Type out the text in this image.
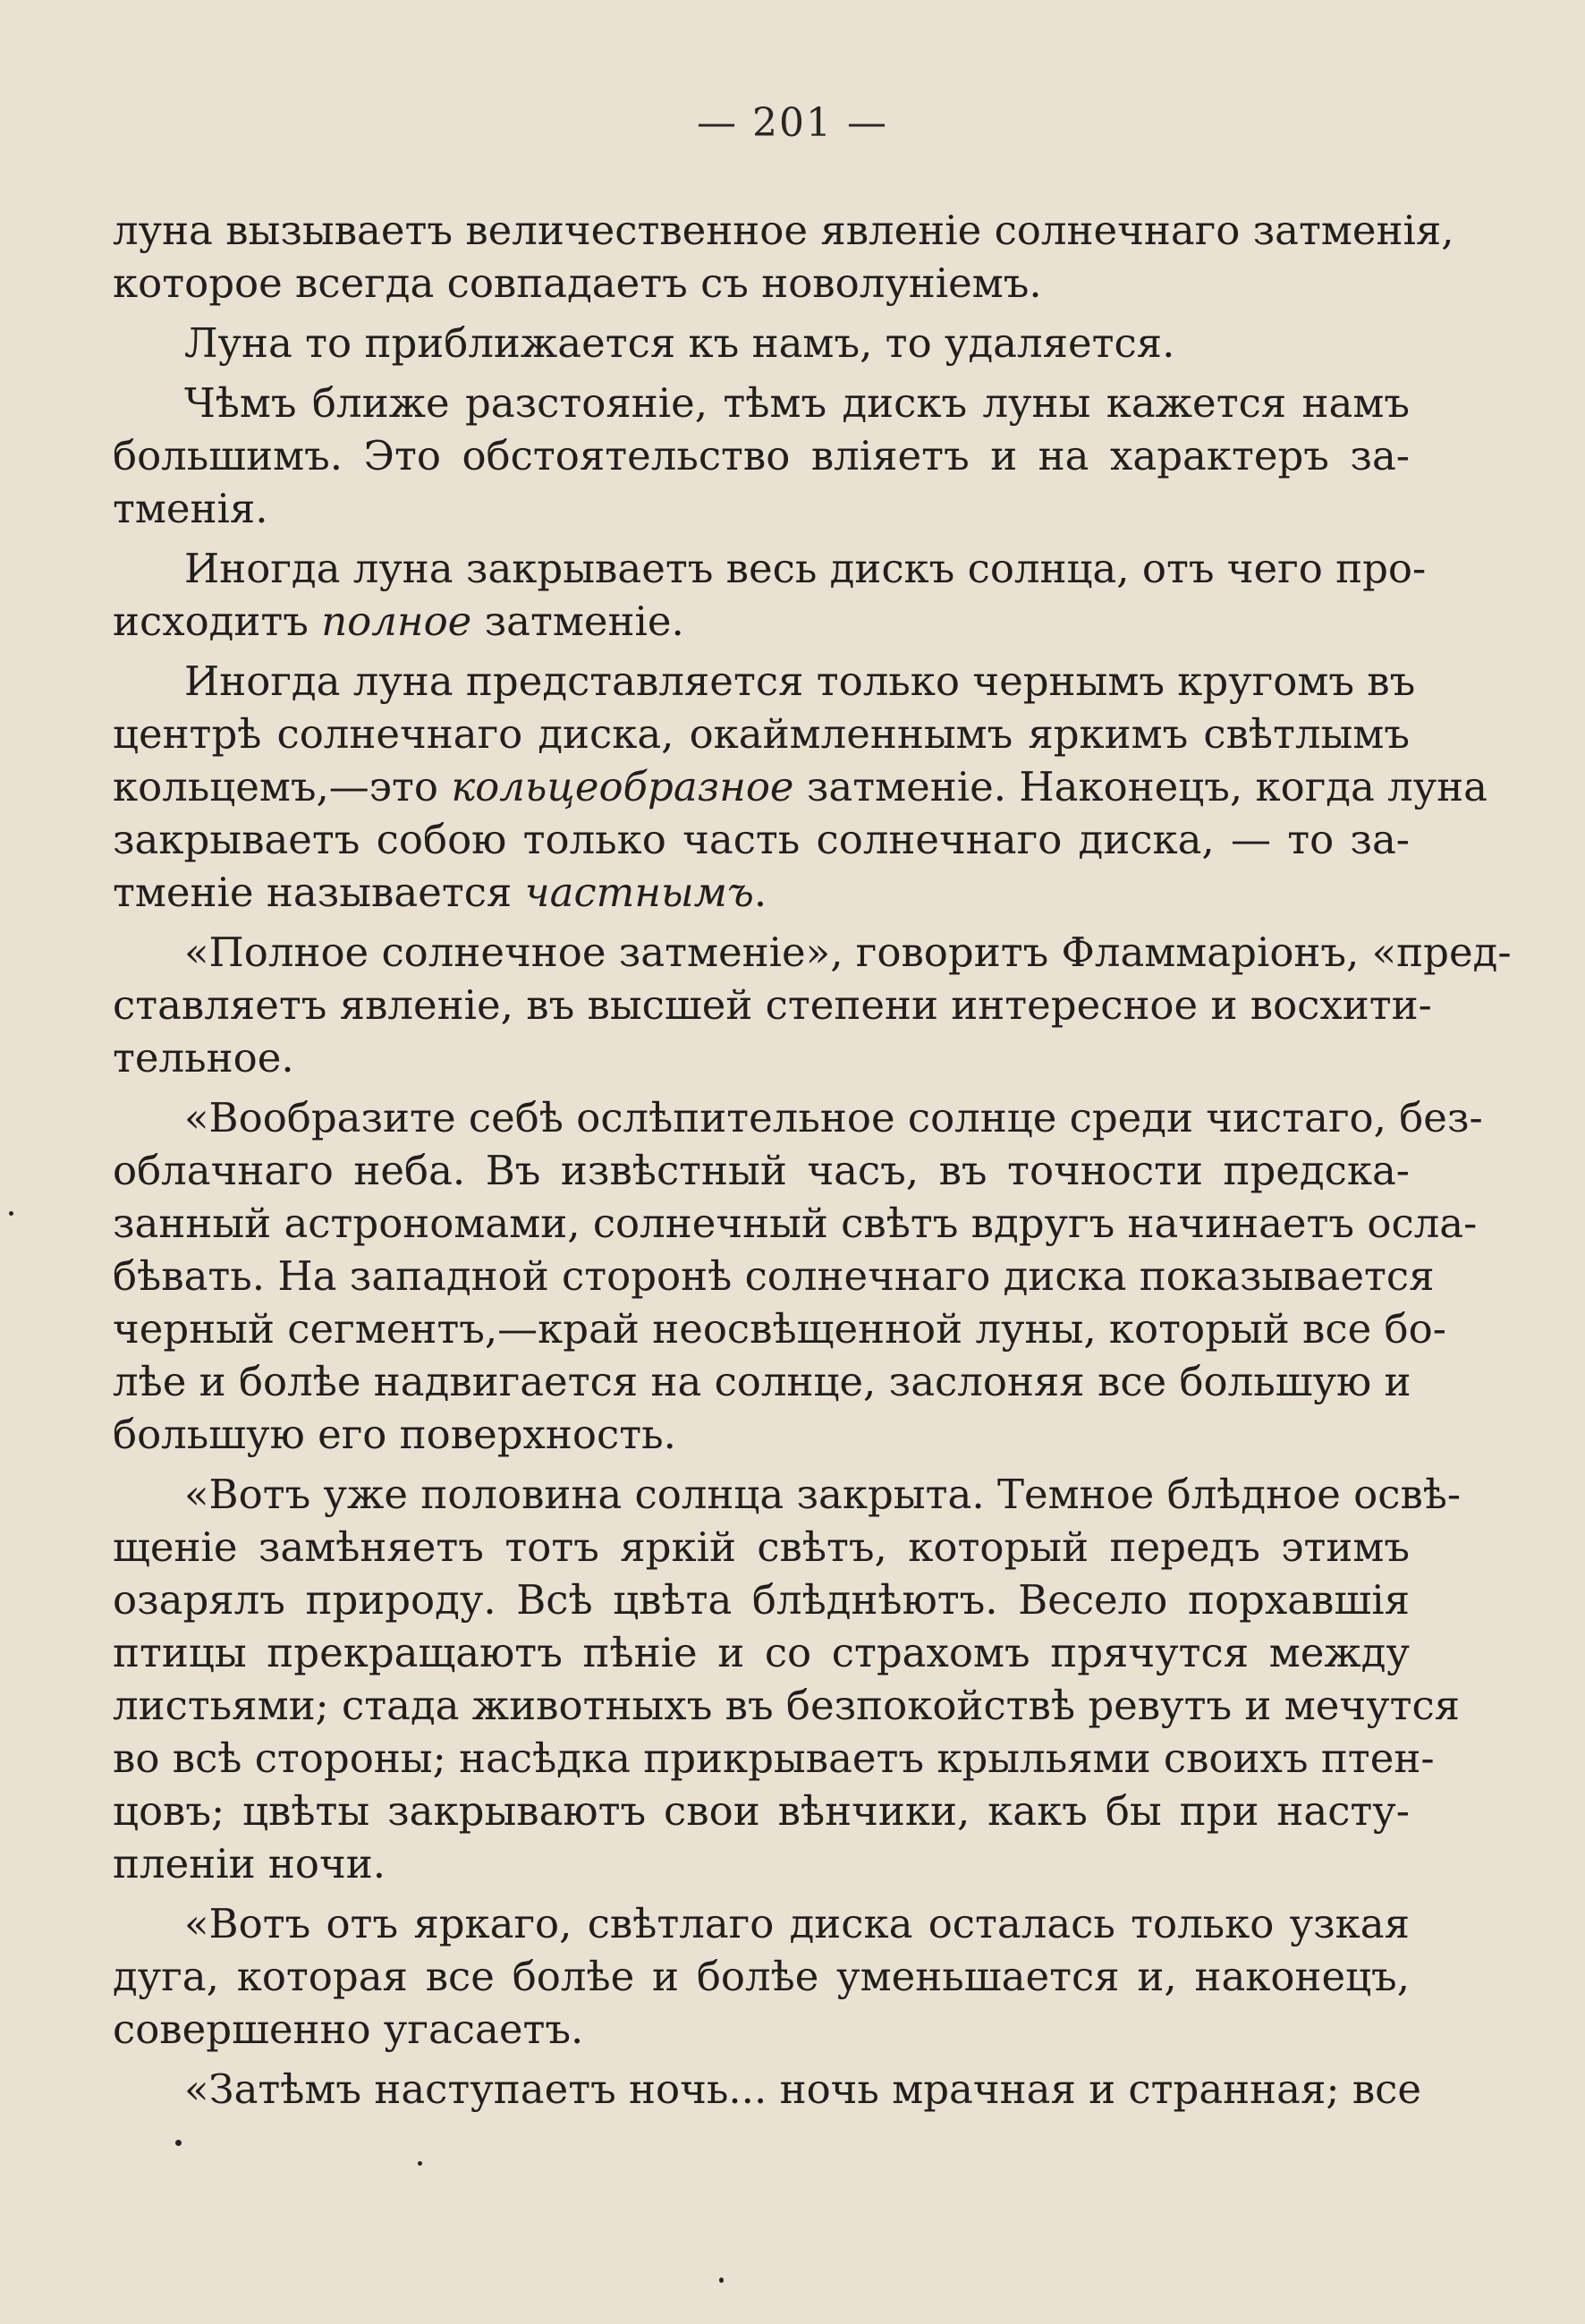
— 201 —
луна вызываетъ величественное явленіе солнечнаго затменія,
которое всегда совпадаетъ съ новолуніемъ.
Луна то приближается къ намъ, то удаляется.
Чѣмъ ближе разстояніе, тѣмъ дискъ луны кажется намъ
большимъ. Это обстоятельство вліяетъ и на характеръ за-
тменія.
Иногда луна закрываетъ весь дискъ солнца, отъ чего про-
исходитъ полное затменіе.
Иногда луна представляется только чернымъ кругомъ въ
центрѣ солнечнаго диска, окаймленнымъ яркимъ свѣтлымъ
кольцемъ,—это кольцеобразное затменіе. Наконецъ, когда луна
закрываетъ собою только часть солнечнаго диска, — то за-
тменіе называется частнымъ.
«Полное солнечное затменіе», говоритъ Фламмаріонъ, «пред-
ставляетъ явленіе, въ высшей степени интересное и восхити-
тельное.
«Вообразите себѣ ослѣпительное солнце среди чистаго, без-
облачнаго неба. Въ извѣстный часъ, въ точности предска-
занный астрономами, солнечный свѣтъ вдругъ начинаетъ осла-
бѣвать. На западной сторонѣ солнечнаго диска показывается
черный сегментъ,—край неосвѣщенной луны, который все бо-
лѣе и болѣе надвигается на солнце, заслоняя все большую и
большую его поверхность.
«Вотъ уже половина солнца закрыта. Темное блѣдное освѣ-
щеніе замѣняетъ тотъ яркій свѣтъ, который передъ этимъ
озарялъ природу. Всѣ цвѣта блѣднѣютъ. Весело порхавшія
птицы прекращаютъ пѣніе и со страхомъ прячутся между
листьями; стада животныхъ въ безпокойствѣ ревутъ и мечутся
во всѣ стороны; насѣдка прикрываетъ крыльями своихъ птен-
цовъ; цвѣты закрываютъ свои вѣнчики, какъ бы при насту-
пленіи ночи.
«Вотъ отъ яркаго, свѣтлаго диска осталась только узкая
дуга, которая все болѣе и болѣе уменьшается и, наконецъ,
совершенно угасаетъ.
«Затѣмъ наступаетъ ночь... ночь мрачная и странная; все
